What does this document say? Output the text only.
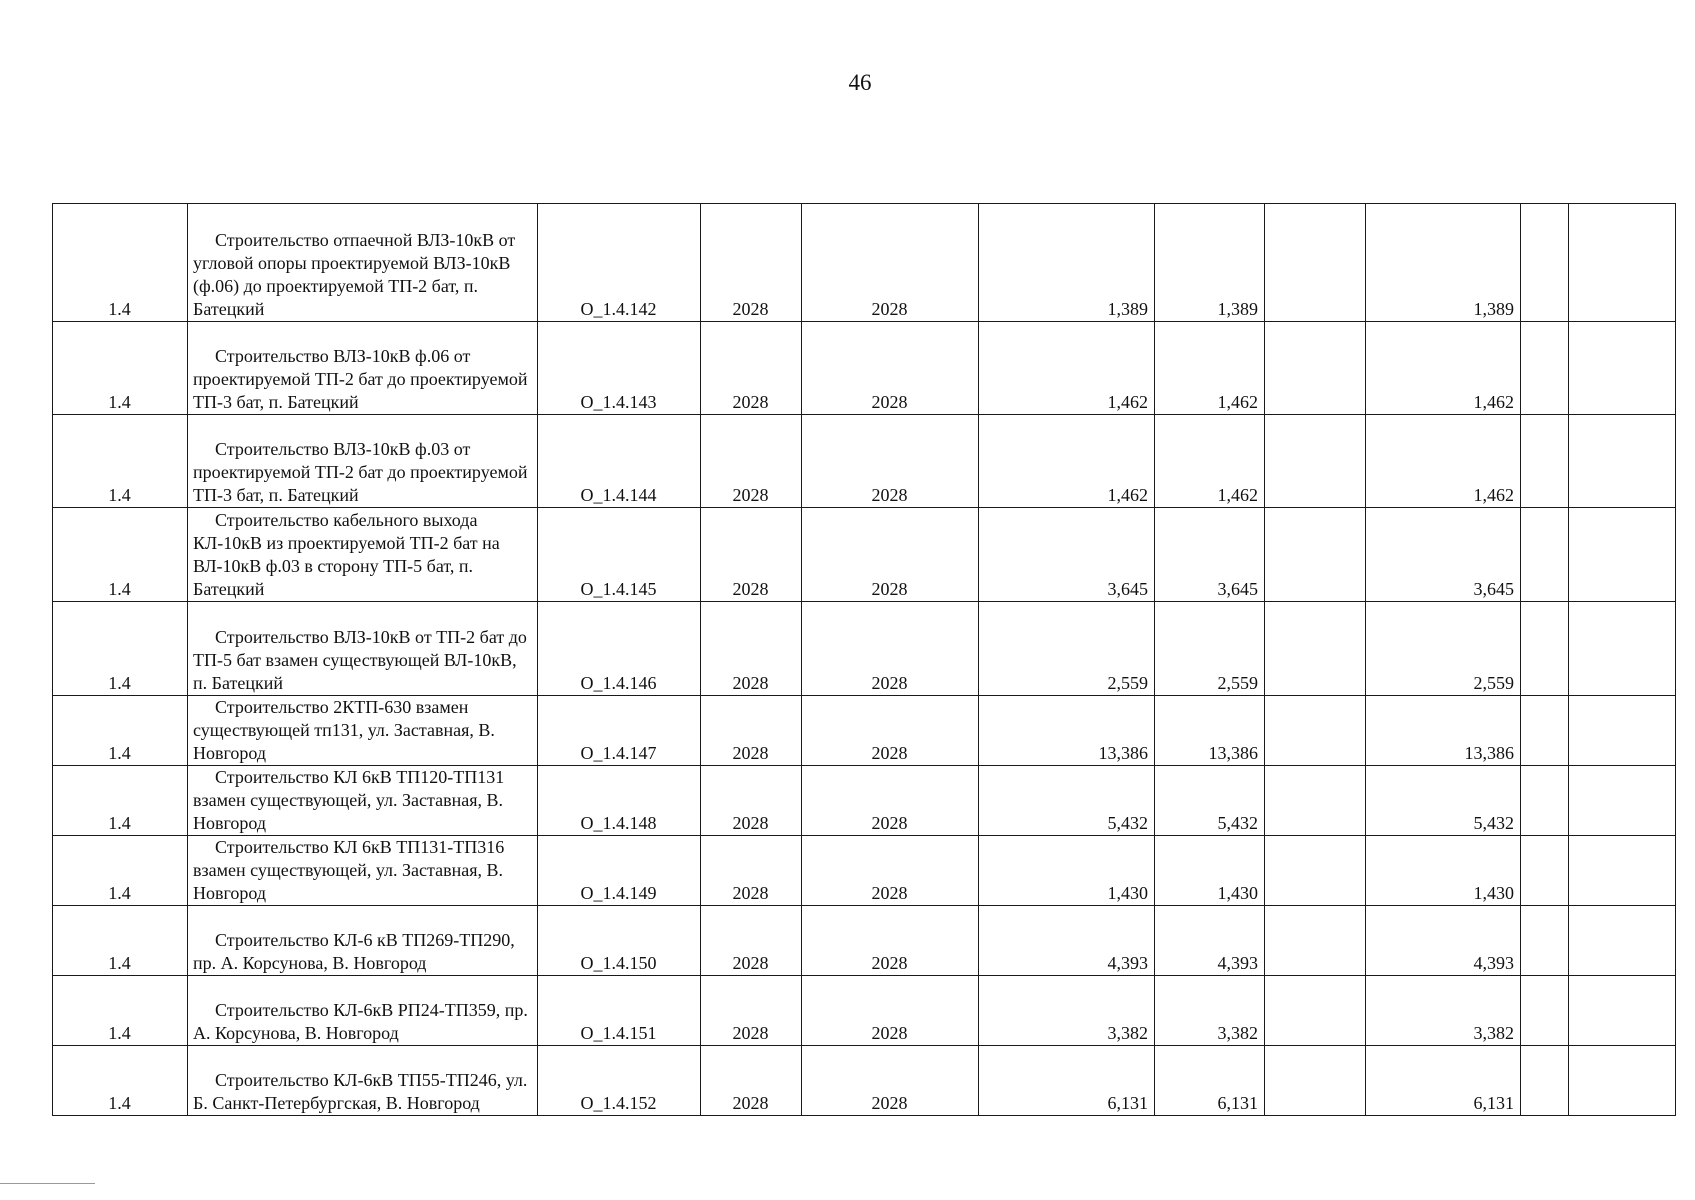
46
1.4	Строительство отпаечной ВЛЗ-10кВ от угловой опоры проектируемой ВЛЗ-10кВ (ф.06) до проектируемой ТП-2 бат, п. Батецкий	О_1.4.142	2028	2028	1,389	1,389		1,389		
1.4	Строительство ВЛЗ-10кВ ф.06 от проектируемой ТП-2 бат до проектируемой ТП-3 бат, п. Батецкий	О_1.4.143	2028	2028	1,462	1,462		1,462		
1.4	Строительство ВЛЗ-10кВ ф.03 от проектируемой ТП-2 бат до проектируемой ТП-3 бат, п. Батецкий	О_1.4.144	2028	2028	1,462	1,462		1,462		
1.4	Строительство кабельного выхода КЛ-10кВ из проектируемой ТП-2 бат на ВЛ-10кВ ф.03 в сторону ТП-5 бат, п. Батецкий	О_1.4.145	2028	2028	3,645	3,645		3,645		
1.4	Строительство ВЛЗ-10кВ от ТП-2 бат до ТП-5 бат взамен существующей ВЛ-10кВ, п. Батецкий	О_1.4.146	2028	2028	2,559	2,559		2,559		
1.4	Строительство 2КТП-630 взамен существующей тп131, ул. Заставная, В. Новгород	О_1.4.147	2028	2028	13,386	13,386		13,386		
1.4	Строительство КЛ 6кВ ТП120-ТП131 взамен существующей, ул. Заставная, В. Новгород	О_1.4.148	2028	2028	5,432	5,432		5,432		
1.4	Строительство КЛ 6кВ ТП131-ТП316 взамен существующей, ул. Заставная, В. Новгород	О_1.4.149	2028	2028	1,430	1,430		1,430		
1.4	Строительство КЛ-6 кВ ТП269-ТП290, пр. А. Корсунова, В. Новгород	О_1.4.150	2028	2028	4,393	4,393		4,393		
1.4	Строительство КЛ-6кВ РП24-ТП359, пр. А. Корсунова, В. Новгород	О_1.4.151	2028	2028	3,382	3,382		3,382		
1.4	Строительство КЛ-6кВ ТП55-ТП246, ул. Б. Санкт-Петербургская, В. Новгород	О_1.4.152	2028	2028	6,131	6,131		6,131		
